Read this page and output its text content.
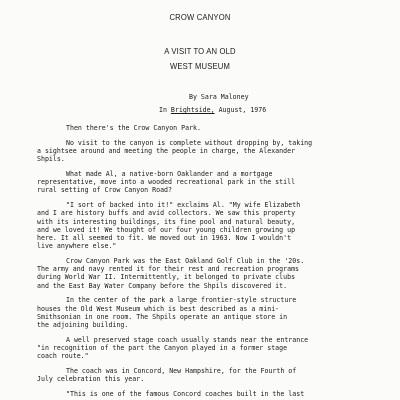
CROW CANYON
A VISIT TO AN OLD
WEST MUSEUM
By Sara Maloney
In Brightside, August, 1976
Then there's the Crow Canyon Park.
No visit to the canyon is complete without dropping by, taking
a sightsee around and meeting the people in charge, the Alexander
Shpils.
What made Al, a native-born Oaklander and a mortgage
representative, move into a wooded recreational park in the still
rural setting of Crow Canyon Road?
"I sort of backed into it!" exclaims Al. "My wife Elizabeth
and I are history buffs and avid collectors. We saw this property
with its interesting buildings, its fine pool and natural beauty,
and we loved it! We thought of our four young children growing up
here. It all seemed to fit. We moved out in 1963. Now I wouldn't
live anywhere else."
Crow Canyon Park was the East Oakland Golf Club in the '20s.
The army and navy rented it for their rest and recreation programs
during World War II. Intermittently, it belonged to private clubs
and the East Bay Water Company before the Shpils discovered it.
In the center of the park a large frontier-style structure
houses the Old West Museum which is best described as a mini-
Smithsonian in one room. The Shpils operate an antique store in
the adjoining building.
A well preserved stage coach usually stands near the entrance
"in recognition of the part the Canyon played in a former stage
coach route."
The coach was in Concord, New Hampshire, for the Fourth of
July celebration this year.
"This is one of the famous Concord coaches built in the last
